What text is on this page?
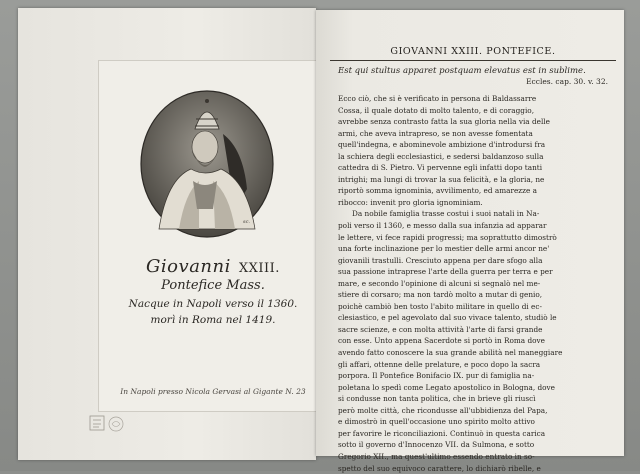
sc.
Giovanni XXIII.
Pontefice Mass.
Nacque in Napoli verso il 1360.
morì in Roma nel 1419.
In Napoli presso Nicola Gervasi al Gigante N. 23
GIOVANNI XXIII. PONTEFICE.
Est qui stultus apparet postquam elevatus est in sublime.
Eccles. cap. 30. v. 32.
Ecco ciò, che si è verificato in persona di Baldassarre
Cossa, il quale dotato di molto talento, e di coraggio,
avrebbe senza contrasto fatta la sua gloria nella via delle
armi, che aveva intrapreso, se non avesse fomentata
quell'indegna, e abominevole ambizione d'introdursi fra
la schiera degli ecclesiastici, e sedersi baldanzoso sulla
cattedra di S. Pietro. Vi pervenne egli infatti dopo tanti
intrighi; ma lungi di trovar la sua felicità, e la gloria, ne
riportò somma ignominia, avvilimento, ed amarezze a
ribocco: invenit pro gloria ignominiam.
Da nobile famiglia trasse costui i suoi natali in Na-
poli verso il 1360, e messo dalla sua infanzia ad apparar
le lettere, vi fece rapidi progressi; ma soprattutto dimostrò
una forte inclinazione per lo mestier delle armi ancor ne'
giovanili trastulli. Cresciuto appena per dare sfogo alla
sua passione intraprese l'arte della guerra per terra e per
mare, e secondo l'opinione di alcuni si segnalò nel me-
stiere di corsaro; ma non tardò molto a mutar di genio,
poichè cambiò ben tosto l'abito militare in quello di ec-
clesiastico, e pel agevolato dal suo vivace talento, studiò le
sacre scienze, e con molta attività l'arte di farsi grande
con esse. Unto appena Sacerdote si portò in Roma dove
avendo fatto conoscere la sua grande abilità nel maneggiare
gli affari, ottenne delle prelature, e poco dopo la sacra
porpora. Il Pontefice Bonifacio IX. pur di famiglia na-
poletana lo spedì come Legato apostolico in Bologna, dove
si condusse non tanta politica, che in brieve gli riuscì
però molte città, che ricondusse all'ubbidienza del Papa,
e dimostrò in quell'occasione uno spirito molto attivo
per favorire le riconciliazioni. Continuò in questa carica
sotto il governo d'Innocenzo VII. da Sulmona, e sotto
Gregorio XII., ma quest'ultimo essendo entrato in so-
spetto del suo equivoco carattere, lo dichiarò ribelle, e
